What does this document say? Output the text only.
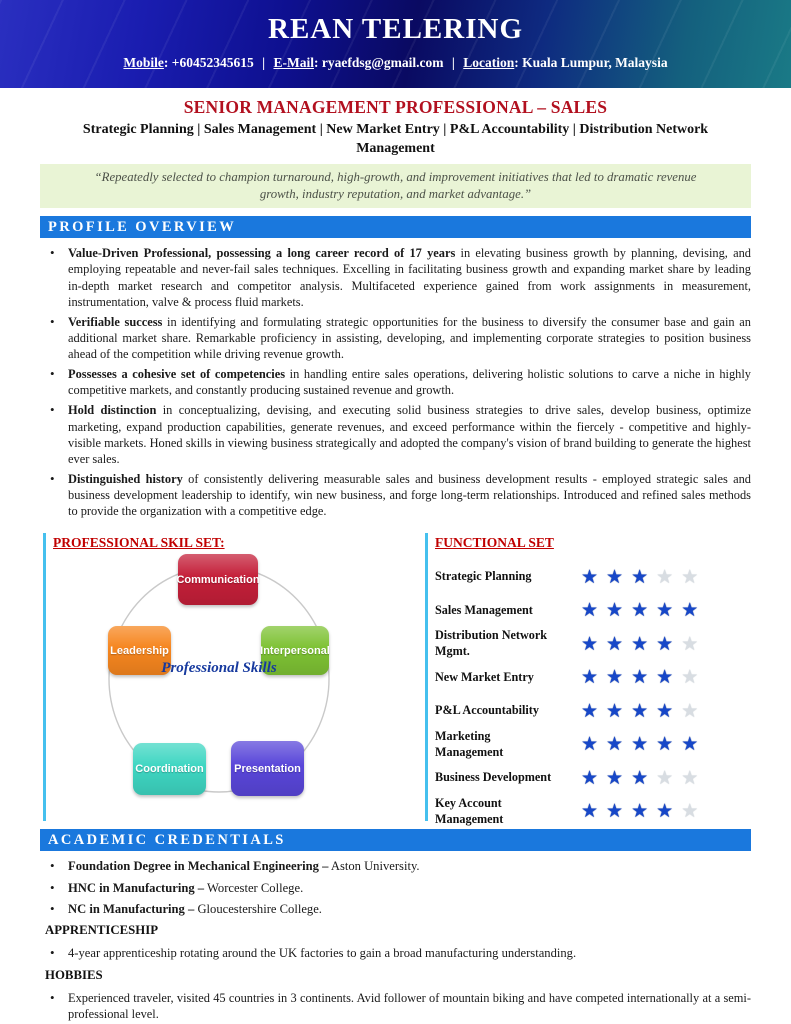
REAN TELERING
Mobile: +60452345615 | E-Mail: ryaefdsg@gmail.com | Location: Kuala Lumpur, Malaysia
SENIOR MANAGEMENT PROFESSIONAL – SALES
Strategic Planning | Sales Management | New Market Entry | P&L Accountability | Distribution Network Management
“Repeatedly selected to champion turnaround, high-growth, and improvement initiatives that led to dramatic revenue growth, industry reputation, and market advantage.”
PROFILE OVERVIEW
• Value-Driven Professional, possessing a long career record of 17 years in elevating business growth by planning, devising, and employing repeatable and never-fail sales techniques. Excelling in facilitating business growth and expanding market share by leading in-depth market research and competitor analysis. Multifaceted experience gained from work assignments in measurement, instrumentation, valve & process fluid markets.
• Verifiable success in identifying and formulating strategic opportunities for the business to diversify the consumer base and gain an additional market share. Remarkable proficiency in assisting, developing, and implementing corporate strategies to position business ahead of the competition while driving revenue growth.
• Possesses a cohesive set of competencies in handling entire sales operations, delivering holistic solutions to carve a niche in highly competitive markets, and constantly producing sustained revenue and growth.
• Hold distinction in conceptualizing, devising, and executing solid business strategies to drive sales, develop business, optimize marketing, expand production capabilities, generate revenues, and exceed performance within the fiercely - competitive and highly-visible markets. Honed skills in viewing business strategically and adopted the company's vision of brand building to generate the highest ever sales.
• Distinguished history of consistently delivering measurable sales and business development results - employed strategic sales and business development leadership to identify, win new business, and forge long-term relationships. Introduced and refined sales methods to provide the organization with a competitive edge.
PROFESSIONAL SKIL SET:
Communication
Leadership	Interpersonal
Coordination	Presentation
Professional Skills
FUNCTIONAL SET
Strategic Planning	★★★★★
Sales Management	★★★★★
Distribution Network Mgmt.	★★★★★
New Market Entry	★★★★★
P&L Accountability	★★★★★
Marketing Management	★★★★★
Business Development ★★★★★
Key Account Management	★★★★★
ACADEMIC CREDENTIALS
• Foundation Degree in Mechanical Engineering – Aston University.
• HNC in Manufacturing – Worcester College.
• NC in Manufacturing – Gloucestershire College.
APPRENTICESHIP
• 4-year apprenticeship rotating around the UK factories to gain a broad manufacturing understanding.
HOBBIES
• Experienced traveler, visited 45 countries in 3 continents. Avid follower of mountain biking and have competed internationally at a semi-professional level.
